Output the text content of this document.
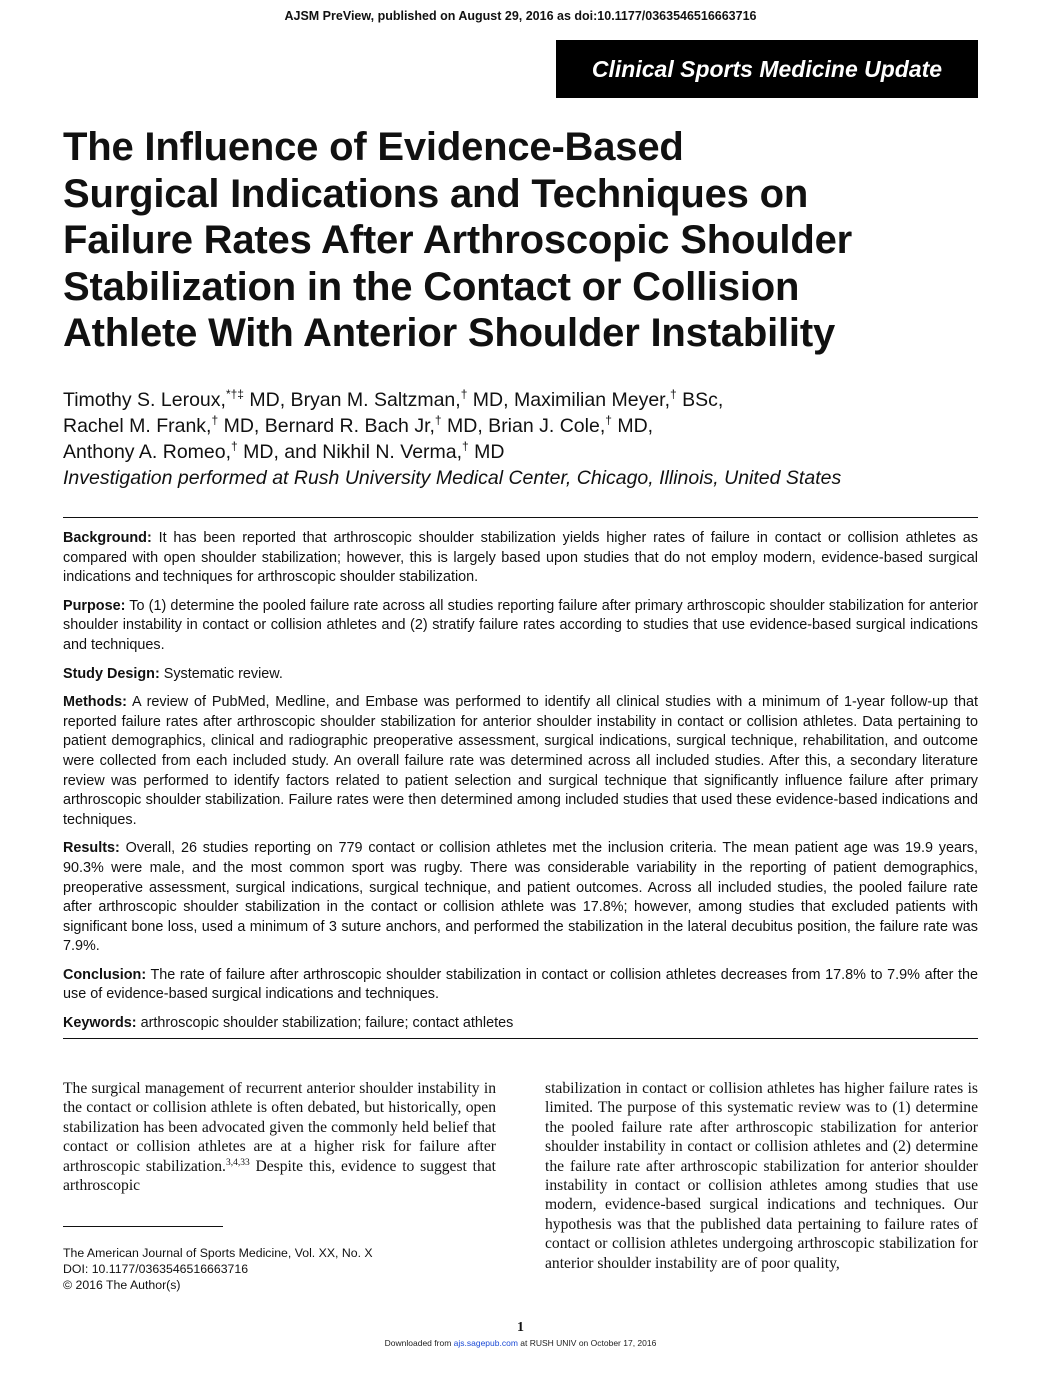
AJSM PreView, published on August 29, 2016 as doi:10.1177/0363546516663716
Clinical Sports Medicine Update
The Influence of Evidence-Based
Surgical Indications and Techniques on
Failure Rates After Arthroscopic Shoulder
Stabilization in the Contact or Collision
Athlete With Anterior Shoulder Instability
Timothy S. Leroux,*†‡ MD, Bryan M. Saltzman,† MD, Maximilian Meyer,† BSc,
Rachel M. Frank,† MD, Bernard R. Bach Jr,† MD, Brian J. Cole,† MD,
Anthony A. Romeo,† MD, and Nikhil N. Verma,† MD
Investigation performed at Rush University Medical Center, Chicago, Illinois, United States

Background: It has been reported that arthroscopic shoulder stabilization yields higher rates of failure in contact or collision athletes as compared with open shoulder stabilization; however, this is largely based upon studies that do not employ modern, evidence-based surgical indications and techniques for arthroscopic shoulder stabilization.

Purpose: To (1) determine the pooled failure rate across all studies reporting failure after primary arthroscopic shoulder stabilization for anterior shoulder instability in contact or collision athletes and (2) stratify failure rates according to studies that use evidence-based surgical indications and techniques.

Study Design: Systematic review.

Methods: A review of PubMed, Medline, and Embase was performed to identify all clinical studies with a minimum of 1-year follow-up that reported failure rates after arthroscopic shoulder stabilization for anterior shoulder instability in contact or collision athletes. Data pertaining to patient demographics, clinical and radiographic preoperative assessment, surgical indications, surgical technique, rehabilitation, and outcome were collected from each included study. An overall failure rate was determined across all included studies. After this, a secondary literature review was performed to identify factors related to patient selection and surgical technique that significantly influence failure after primary arthroscopic shoulder stabilization. Failure rates were then determined among included studies that used these evidence-based indications and techniques.

Results: Overall, 26 studies reporting on 779 contact or collision athletes met the inclusion criteria. The mean patient age was 19.9 years, 90.3% were male, and the most common sport was rugby. There was considerable variability in the reporting of patient demographics, preoperative assessment, surgical indications, surgical technique, and patient outcomes. Across all included studies, the pooled failure rate after arthroscopic shoulder stabilization in the contact or collision athlete was 17.8%; however, among studies that excluded patients with significant bone loss, used a minimum of 3 suture anchors, and performed the stabilization in the lateral decubitus position, the failure rate was 7.9%.

Conclusion: The rate of failure after arthroscopic shoulder stabilization in contact or collision athletes decreases from 17.8% to 7.9% after the use of evidence-based surgical indications and techniques.

Keywords: arthroscopic shoulder stabilization; failure; contact athletes

The surgical management of recurrent anterior shoulder instability in the contact or collision athlete is often debated, but historically, open stabilization has been advocated given the commonly held belief that contact or collision athletes are at a higher risk for failure after arthroscopic stabilization.$^{3,4,33}$ Despite this, evidence to suggest that arthroscopic
The American Journal of Sports Medicine, Vol. XX, No. X
DOI: 10.1177/0363546516663716
© 2016 The Author(s)
stabilization in contact or collision athletes has higher failure rates is limited. The purpose of this systematic review was to (1) determine the pooled failure rate after arthroscopic stabilization for anterior shoulder instability in contact or collision athletes and (2) determine the failure rate after arthroscopic stabilization for anterior shoulder instability in contact or collision athletes among studies that use modern, evidence-based surgical indications and techniques. Our hypothesis was that the published data pertaining to failure rates of contact or collision athletes undergoing arthroscopic stabilization for anterior shoulder instability are of poor quality,
1
Downloaded from ajs.sagepub.com at RUSH UNIV on October 17, 2016
